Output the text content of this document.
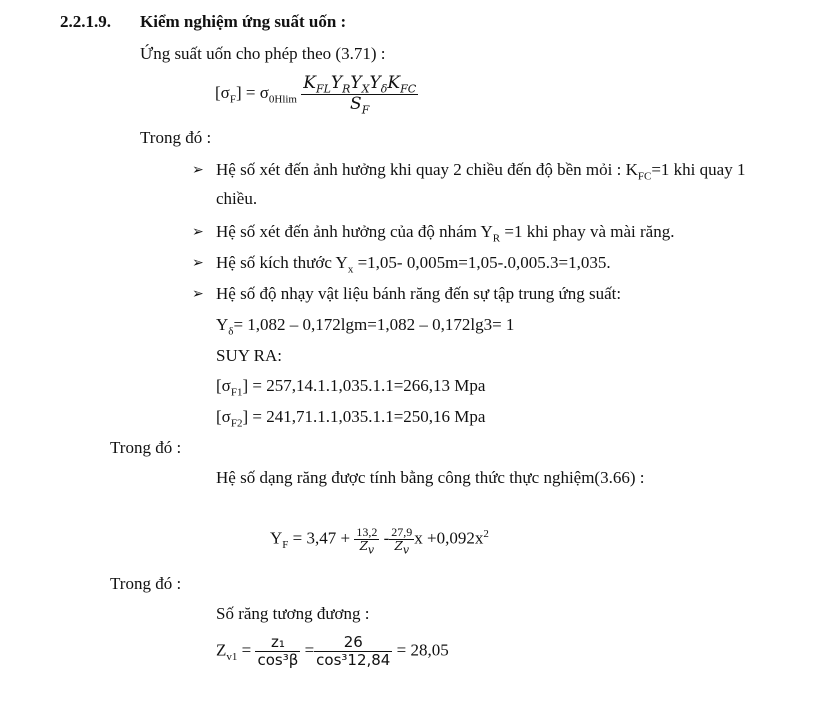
2.2.1.9. Kiểm nghiệm ứng suất uốn :
Ứng suất uốn cho phép theo (3.71) :
$[\sigma_F] = \sigma_{0Hlim} \frac{K_{FL}Y_RY_XY_\delta K_{FC}}{S_F}$
Trong đó :
➢ Hệ số xét đến ảnh hưởng khi quay 2 chiều đến độ bền mỏi : $K_{FC}=1$ khi quay 1
chiều.
➢ Hệ số xét đến ảnh hưởng của độ nhám $Y_R =1$ khi phay và mài răng.
➢ Hệ số kích thước $Y_x =1,05-$ 0,005m=1,05-.0,005.3=1,035.
➢ Hệ số độ nhạy vật liệu bánh răng đến sự tập trung ứng suất:
$Y_\delta= 1,082 - 0,172\lg m=1,082 - 0,172\lg 3= 1$
SUY RA:
$[\sigma_{F1}] = 257,14.1.1,035.1.1=266,13$ Mpa
$[\sigma_{F2}] = 241,71.1.1,035.1.1=250,16$ Mpa
Trong đó :
Hệ số dạng răng được tính bằng công thức thực nghiệm(3.66) :
$Y_F = 3,47 + \frac{13,2}{Z_v} - \frac{27,9}{Z_v}$ $x +0,092x^2$
Trong đó :
Số răng tương đương :
$Z_{v1} = \frac{\text{z₁}}{\text{cos³β}} = \frac{26}{\text{cos³12,84}} = 28,05$
